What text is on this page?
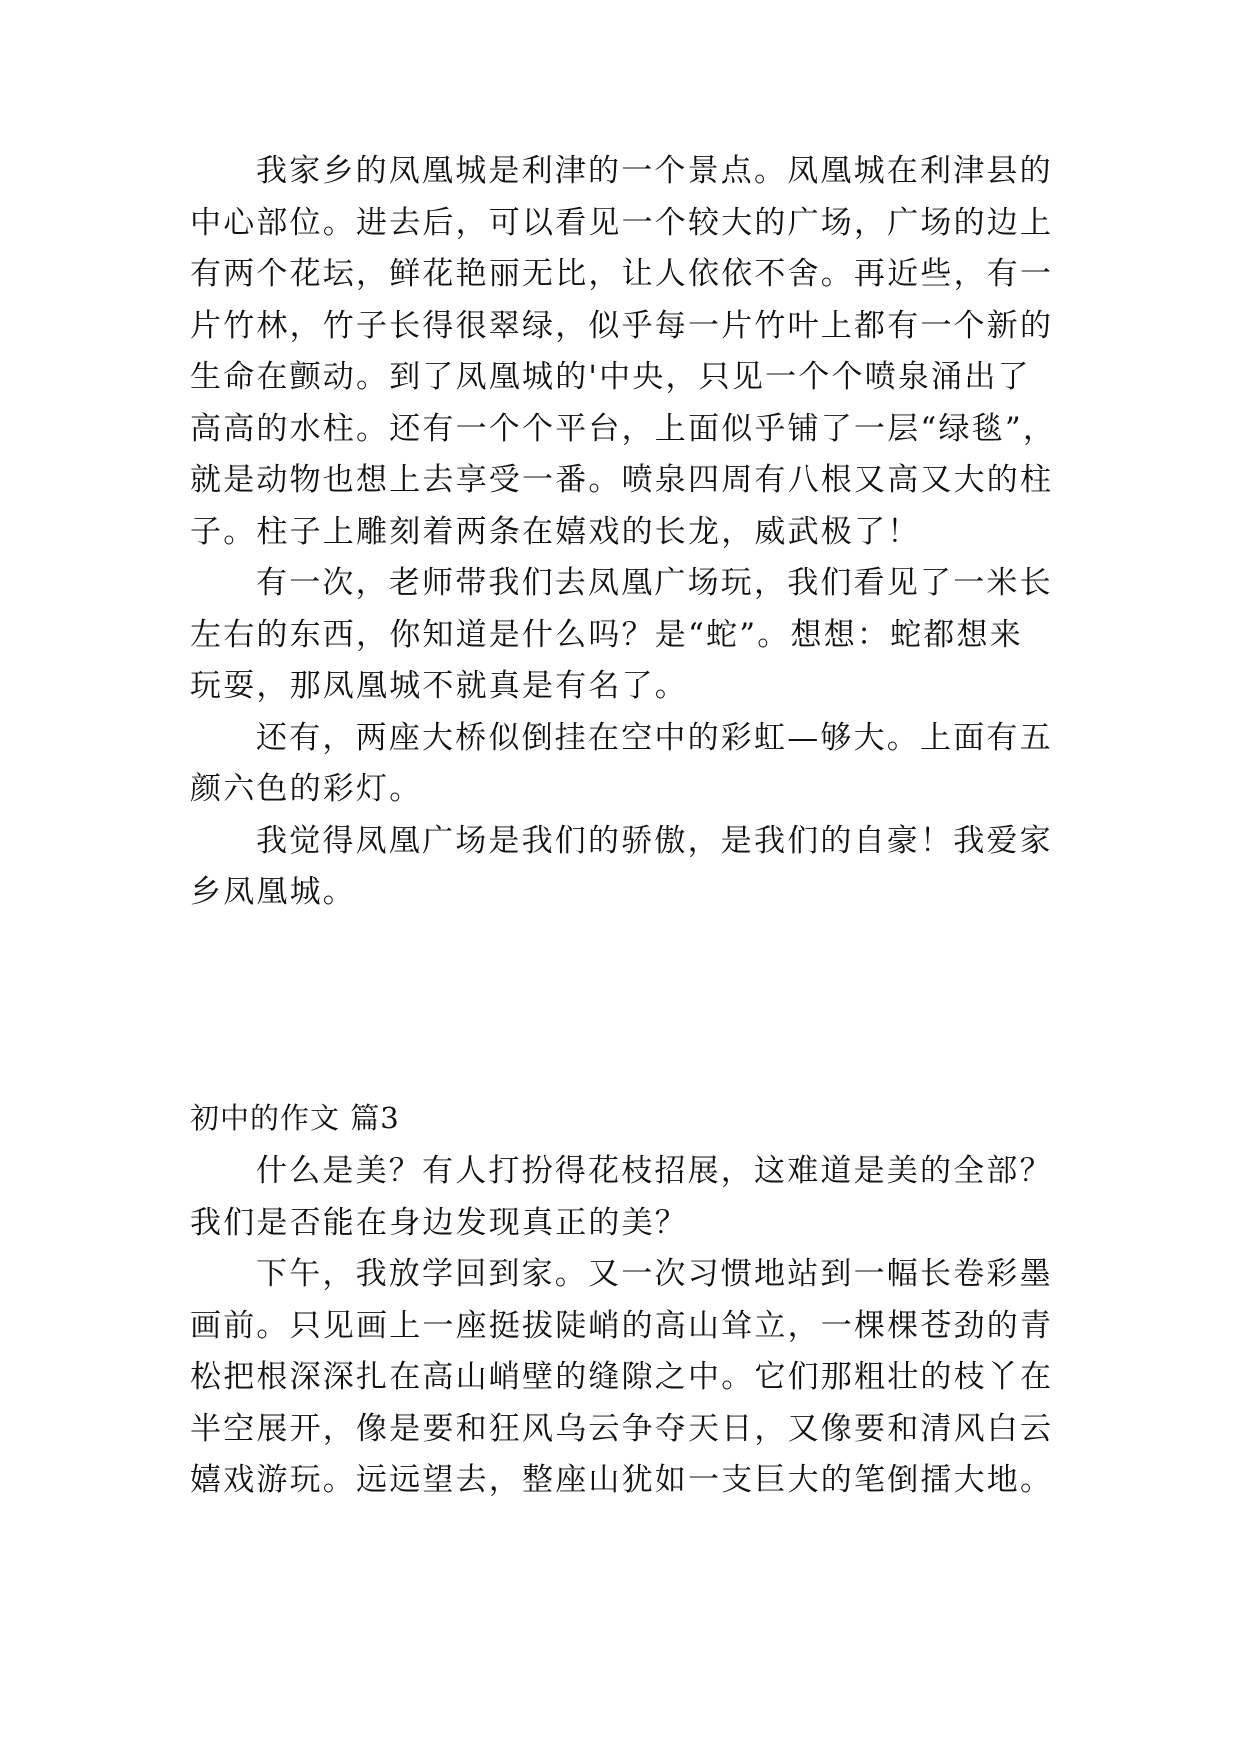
我家乡的凤凰城是利津的一个景点。凤凰城在利津县的
中心部位。进去后，可以看见一个较大的广场，广场的边上
有两个花坛，鲜花艳丽无比，让人依依不舍。再近些，有一
片竹林，竹子长得很翠绿，似乎每一片竹叶上都有一个新的
生命在颤动。到了凤凰城的'中央，只见一个个喷泉涌出了
高高的水柱。还有一个个平台，上面似乎铺了一层“绿毯”，
就是动物也想上去享受一番。喷泉四周有八根又高又大的柱
子。柱子上雕刻着两条在嬉戏的长龙，威武极了！
有一次，老师带我们去凤凰广场玩，我们看见了一米长
左右的东西，你知道是什么吗？是“蛇”。想想：蛇都想来
玩耍，那凤凰城不就真是有名了。
还有，两座大桥似倒挂在空中的彩虹—够大。上面有五
颜六色的彩灯。
我觉得凤凰广场是我们的骄傲，是我们的自豪！我爱家
乡凤凰城。
初中的作文 篇3
什么是美？有人打扮得花枝招展，这难道是美的全部？
我们是否能在身边发现真正的美？
下午，我放学回到家。又一次习惯地站到一幅长卷彩墨
画前。只见画上一座挺拔陡峭的高山耸立，一棵棵苍劲的青
松把根深深扎在高山峭壁的缝隙之中。它们那粗壮的枝丫在
半空展开，像是要和狂风乌云争夺天日，又像要和清风白云
嬉戏游玩。远远望去，整座山犹如一支巨大的笔倒擂大地。
